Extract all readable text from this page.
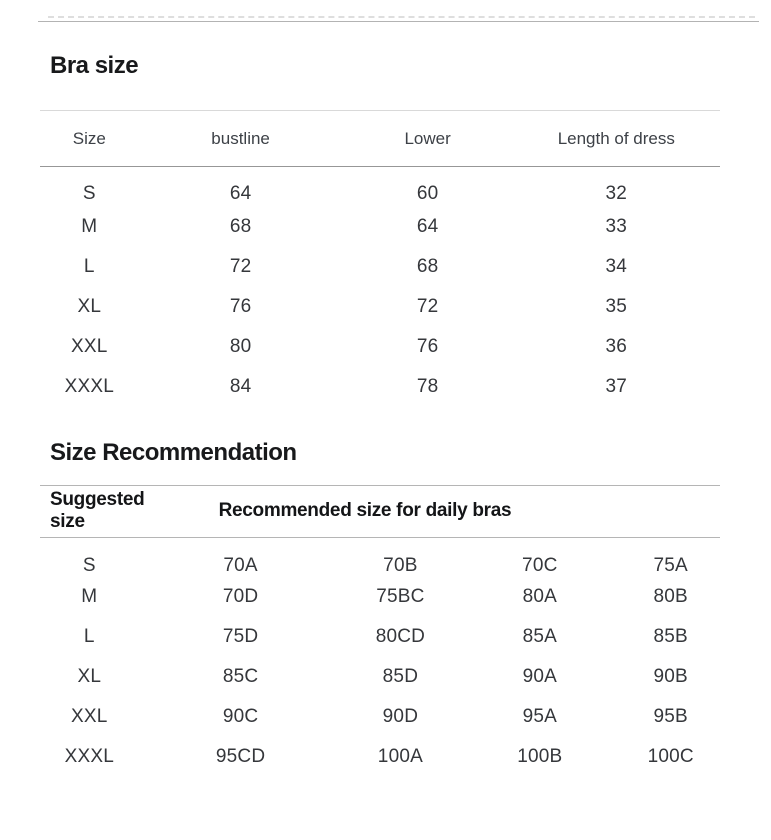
Bra size
Size	bustline	Lower	Length of dress
S	64	60	32
M	68	64	33
L	72	68	34
XL	76	72	35
XXL	80	76	36
XXXL	84	78	37
Size Recommendation
Suggested size	Recommended size for daily bras			
S	70A	70B	70C	75A
M	70D	75BC	80A	80B
L	75D	80CD	85A	85B
XL	85C	85D	90A	90B
XXL	90C	90D	95A	95B
XXXL	95CD	100A	100B	100C
